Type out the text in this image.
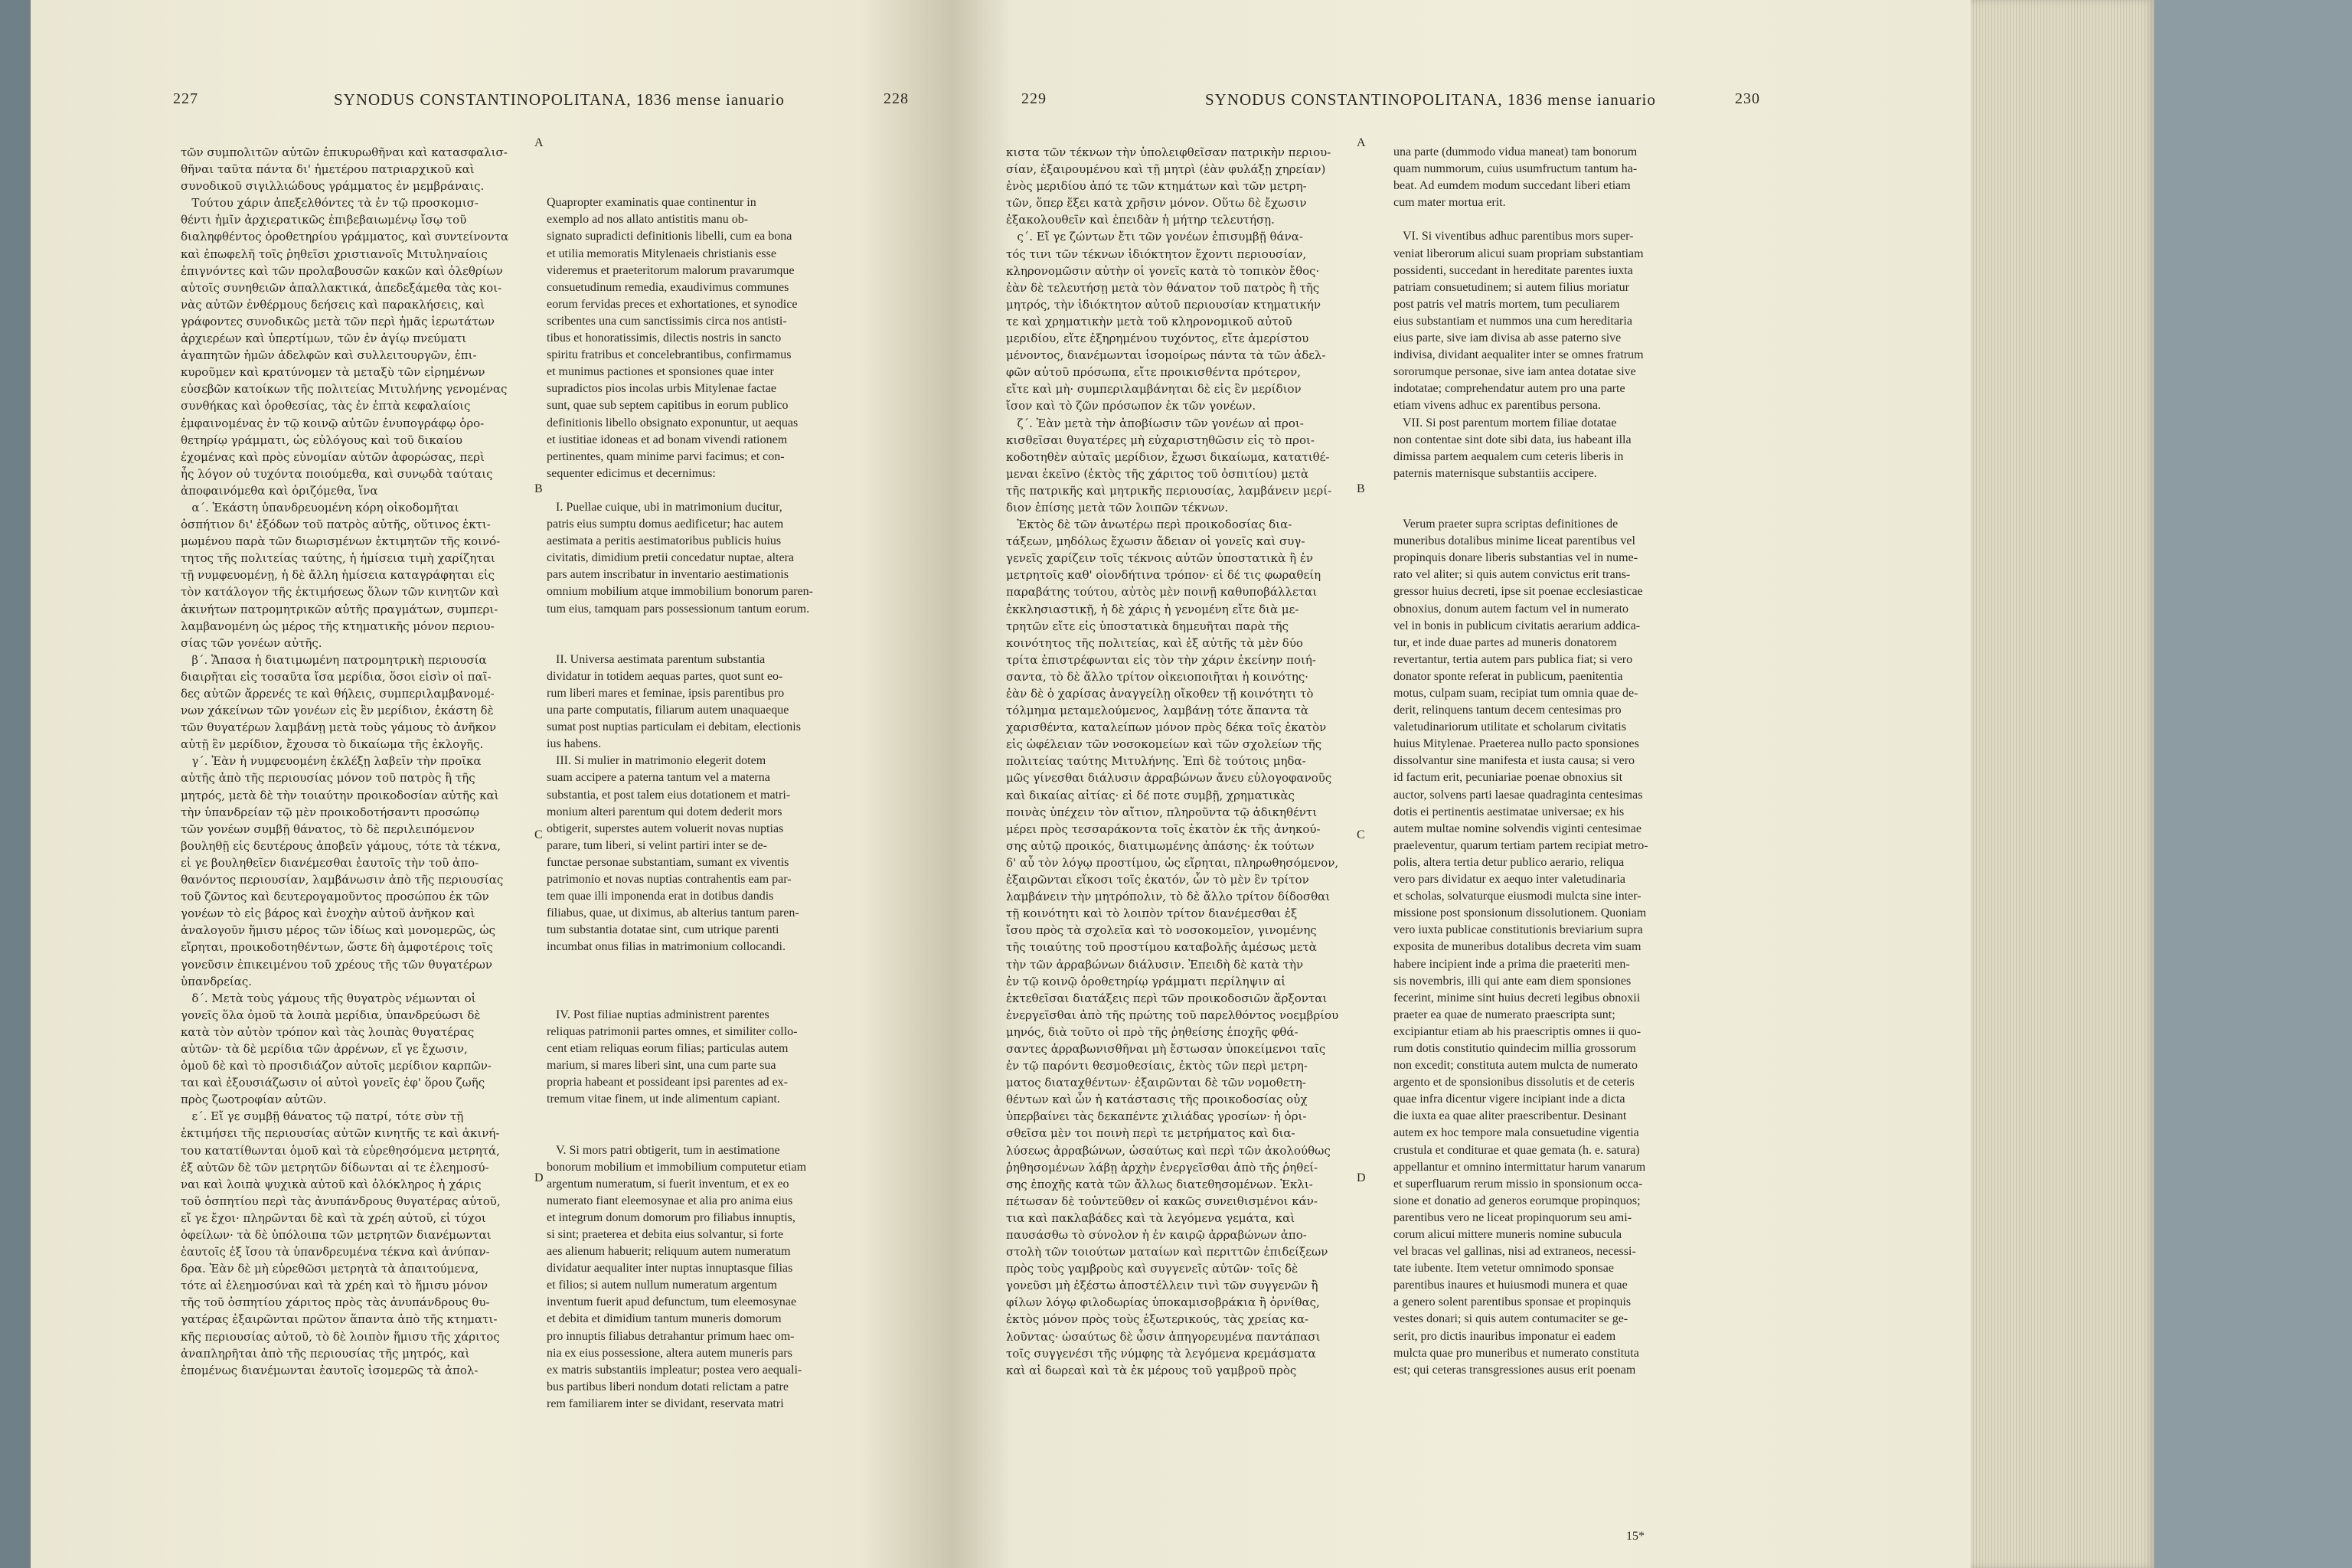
227	SYNODUS CONSTANTINOPOLITANA, 1836 mense ianuario	228
τῶν συμπολιτῶν αὐτῶν ἐπικυρωθῆναι καὶ κατασφαλισ-
θῆναι ταῦτα πάντα δι' ἡμετέρου πατριαρχικοῦ καὶ
συνοδικοῦ σιγιλλιώδους γράμματος ἐν μεμβράναις.
Τούτου χάριν ἀπεξελθόντες τὰ ἐν τῷ προσκομισ-
θέντι ἡμῖν ἀρχιερατικῶς ἐπιβεβαιωμένῳ ἴσῳ τοῦ
διαληφθέντος ὁροθετηρίου γράμματος, καὶ συντείνοντα
καὶ ἐπωφελῆ τοῖς ῥηθεῖσι χριστιανοῖς Μιτυληναίοις
ἐπιγνόντες καὶ τῶν προλαβουσῶν κακῶν καὶ ὀλεθρίων
αὐτοῖς συνηθειῶν ἀπαλλακτικά, ἀπεδεξάμεθα τὰς κοι-
νὰς αὐτῶν ἐνθέρμους δεήσεις καὶ παρακλήσεις, καὶ
γράφοντες συνοδικῶς μετὰ τῶν περὶ ἡμᾶς ἱερωτάτων
ἀρχιερέων καὶ ὑπερτίμων, τῶν ἐν ἁγίῳ πνεύματι
ἀγαπητῶν ἡμῶν ἀδελφῶν καὶ συλλειτουργῶν, ἐπι-
κυροῦμεν καὶ κρατύνομεν τὰ μεταξὺ τῶν εἰρημένων
εὐσεβῶν κατοίκων τῆς πολιτείας Μιτυλήνης γενομένας
συνθήκας καὶ ὁροθεσίας, τὰς ἐν ἑπτὰ κεφαλαίοις
ἐμφαινομένας ἐν τῷ κοινῷ αὐτῶν ἐνυπογράφῳ ὁρο-
θετηρίῳ γράμματι, ὡς εὐλόγους καὶ τοῦ δικαίου
ἐχομένας καὶ πρὸς εὐνομίαν αὐτῶν ἀφορώσας, περὶ
ἧς λόγον οὐ τυχόντα ποιούμεθα, καὶ συνῳδὰ ταύταις
ἀποφαινόμεθα καὶ ὁριζόμεθα, ἵνα
α΄. Ἑκάστη ὑπανδρευομένη κόρη οἰκοδομῆται
ὀσπήτιον δι' ἐξόδων τοῦ πατρὸς αὐτῆς, οὕτινος ἐκτι-
μωμένου παρὰ τῶν διωρισμένων ἐκτιμητῶν τῆς κοινό-
τητος τῆς πολιτείας ταύτης, ἡ ἡμίσεια τιμὴ χαρίζηται
τῇ νυμφευομένῃ, ἡ δὲ ἄλλη ἡμίσεια καταγράφηται εἰς
τὸν κατάλογον τῆς ἐκτιμήσεως ὅλων τῶν κινητῶν καὶ
ἀκινήτων πατρομητρικῶν αὐτῆς πραγμάτων, συμπερι-
λαμβανομένη ὡς μέρος τῆς κτηματικῆς μόνον περιου-
σίας τῶν γονέων αὐτῆς.
β΄. Ἅπασα ἡ διατιμωμένη πατρομητρικὴ περιουσία
διαιρῆται εἰς τοσαῦτα ἴσα μερίδια, ὅσοι εἰσὶν οἱ παῖ-
δες αὐτῶν ἄρρενές τε καὶ θήλεις, συμπεριλαμβανομέ-
νων χάκείνων τῶν γονέων εἰς ἓν μερίδιον, ἑκάστη δὲ
τῶν θυγατέρων λαμβάνῃ μετὰ τοὺς γάμους τὸ ἀνῆκον
αὐτῇ ἓν μερίδιον, ἔχουσα τὸ δικαίωμα τῆς ἐκλογῆς.
γ΄. Ἐὰν ἡ νυμφευομένη ἐκλέξῃ λαβεῖν τὴν προῖκα
αὐτῆς ἀπὸ τῆς περιουσίας μόνον τοῦ πατρὸς ἢ τῆς
μητρός, μετὰ δὲ τὴν τοιαύτην προικοδοσίαν αὐτῆς καὶ
τὴν ὑπανδρείαν τῷ μὲν προικοδοτήσαντι προσώπῳ
τῶν γονέων συμβῇ θάνατος, τὸ δὲ περιλειπόμενον
βουληθῇ εἰς δευτέρους ἀποβεῖν γάμους, τότε τὰ τέκνα,
εἰ γε βουληθεῖεν διανέμεσθαι ἑαυτοῖς τὴν τοῦ ἀπο-
θανόντος περιουσίαν, λαμβάνωσιν ἀπὸ τῆς περιουσίας
τοῦ ζῶντος καὶ δευτερογαμοῦντος προσώπου ἐκ τῶν
γονέων τὸ εἰς βάρος καὶ ἐνοχὴν αὐτοῦ ἀνῆκον καὶ
ἀναλογοῦν ἥμισυ μέρος τῶν ἰδίως καὶ μονομερῶς, ὡς
εἴρηται, προικοδοτηθέντων, ὥστε δὴ ἀμφοτέροις τοῖς
γονεῦσιν ἐπικειμένου τοῦ χρέους τῆς τῶν θυγατέρων
ὑπανδρείας.
δ΄. Μετὰ τοὺς γάμους τῆς θυγατρὸς νέμωνται οἱ
γονεῖς ὅλα ὁμοῦ τὰ λοιπὰ μερίδια, ὑπανδρεύωσι δὲ
κατὰ τὸν αὐτὸν τρόπον καὶ τὰς λοιπὰς θυγατέρας
αὐτῶν· τὰ δὲ μερίδια τῶν ἀρρένων, εἴ γε ἔχωσιν,
ὁμοῦ δὲ καὶ τὸ προσιδιάζον αὐτοῖς μερίδιον καρπῶν-
ται καὶ ἐξουσιάζωσιν οἱ αὐτοὶ γονεῖς ἐφ' ὅρου ζωῆς
πρὸς ζωοτροφίαν αὐτῶν.
ε΄. Εἴ γε συμβῇ θάνατος τῷ πατρί, τότε σὺν τῇ
ἐκτιμήσει τῆς περιουσίας αὐτῶν κινητῆς τε καὶ ἀκινή-
του κατατίθωνται ὁμοῦ καὶ τὰ εὑρεθησόμενα μετρητά,
ἐξ αὐτῶν δὲ τῶν μετρητῶν δίδωνται αἱ τε ἐλεημοσύ-
ναι καὶ λοιπὰ ψυχικὰ αὐτοῦ καὶ ὁλόκληρος ἡ χάρις
τοῦ ὀσπητίου περὶ τὰς ἀνυπάνδρους θυγατέρας αὐτοῦ,
εἴ γε ἔχοι· πληρῶνται δὲ καὶ τὰ χρέη αὐτοῦ, εἰ τύχοι
ὀφείλων· τὰ δὲ ὑπόλοιπα τῶν μετρητῶν διανέμωνται
ἑαυτοῖς ἐξ ἴσου τὰ ὑπανδρευμένα τέκνα καὶ ἀνύπαν-
δρα. Ἐὰν δὲ μὴ εὑρεθῶσι μετρητὰ τὰ ἀπαιτούμενα,
τότε αἱ ἐλεημοσύναι καὶ τὰ χρέη καὶ τὸ ἥμισυ μόνον
τῆς τοῦ ὀσπητίου χάριτος πρὸς τὰς ἀνυπάνδρους θυ-
γατέρας ἐξαιρῶνται πρῶτον ἅπαντα ἀπὸ τῆς κτηματι-
κῆς περιουσίας αὐτοῦ, τὸ δὲ λοιπὸν ἥμισυ τῆς χάριτος
ἀναπληρῆται ἀπὸ τῆς περιουσίας τῆς μητρός, καὶ
ἐπομένως διανέμωνται ἑαυτοῖς ἰσομερῶς τὰ ἀπολ-

Quapropter examinatis quae continentur in
exemplo ad nos allato antistitis manu ob-
signato supradicti definitionis libelli, cum ea bona
et utilia memoratis Mitylenaeis christianis esse
videremus et praeteritorum malorum pravarumque
consuetudinum remedia, exaudivimus communes
eorum fervidas preces et exhortationes, et synodice
scribentes una cum sanctissimis circa nos antisti-
tibus et honoratissimis, dilectis nostris in sancto
spiritu fratribus et concelebrantibus, confirmamus
et munimus pactiones et sponsiones quae inter
supradictos pios incolas urbis Mitylenae factae
sunt, quae sub septem capitibus in eorum publico
definitionis libello obsignato exponuntur, ut aequas
et iustitiae idoneas et ad bonam vivendi rationem
pertinentes, quam minime parvi facimus; et con-
sequenter edicimus et decernimus:

I. Puellae cuique, ubi in matrimonium ducitur,
patris eius sumptu domus aedificetur; hac autem
aestimata a peritis aestimatoribus publicis huius
civitatis, dimidium pretii concedatur nuptae, altera
pars autem inscribatur in inventario aestimationis
omnium mobilium atque immobilium bonorum paren-
tum eius, tamquam pars possessionum tantum eorum.

II. Universa aestimata parentum substantia
dividatur in totidem aequas partes, quot sunt eo-
rum liberi mares et feminae, ipsis parentibus pro
una parte computatis, filiarum autem unaquaeque
sumat post nuptias particulam ei debitam, electionis
ius habens.
III. Si mulier in matrimonio elegerit dotem
suam accipere a paterna tantum vel a materna
substantia, et post talem eius dotationem et matri-
monium alteri parentum qui dotem dederit mors
obtigerit, superstes autem voluerit novas nuptias
parare, tum liberi, si velint partiri inter se de-
functae personae substantiam, sumant ex viventis
patrimonio et novas nuptias contrahentis eam par-
tem quae illi imponenda erat in dotibus dandis
filiabus, quae, ut diximus, ab alterius tantum paren-
tum substantia dotatae sint, cum utrique parenti
incumbat onus filias in matrimonium collocandi.

IV. Post filiae nuptias administrent parentes
reliquas patrimonii partes omnes, et similiter collo-
cent etiam reliquas eorum filias; particulas autem
marium, si mares liberi sint, una cum parte sua
propria habeant et possideant ipsi parentes ad ex-
tremum vitae finem, ut inde alimentum capiant.

V. Si mors patri obtigerit, tum in aestimatione
bonorum mobilium et immobilium computetur etiam
argentum numeratum, si fuerit inventum, et ex eo
numerato fiant eleemosynae et alia pro anima eius
et integrum donum domorum pro filiabus innuptis,
si sint; praeterea et debita eius solvantur, si forte
aes alienum habuerit; reliquum autem numeratum
dividatur aequaliter inter nuptas innuptasque filias
et filios; si autem nullum numeratum argentum
inventum fuerit apud defunctum, tum eleemosynae
et debita et dimidium tantum muneris domorum
pro innuptis filiabus detrahantur primum haec om-
nia ex eius possessione, altera autem muneris pars
ex matris substantiis impleatur; postea vero aequali-
bus partibus liberi nondum dotati relictam a patre
rem familiarem inter se dividant, reservata matri
A
B
C
D
229	SYNODUS CONSTANTINOPOLITANA, 1836 mense ianuario	230
κιστα τῶν τέκνων τὴν ὑπολειφθεῖσαν πατρικὴν περιου-
σίαν, ἐξαιρουμένου καὶ τῇ μητρὶ (ἐὰν φυλάξῃ χηρείαν)
ἑνὸς μεριδίου ἀπό τε τῶν κτημάτων καὶ τῶν μετρη-
τῶν, ὅπερ ἕξει κατὰ χρῆσιν μόνον. Οὕτω δὲ ἔχωσιν
ἐξακολουθεῖν καὶ ἐπειδὰν ἡ μήτηρ τελευτήσῃ.
ς΄. Εἴ γε ζώντων ἔτι τῶν γονέων ἐπισυμβῇ θάνα-
τός τινι τῶν τέκνων ἰδιόκτητον ἔχοντι περιουσίαν,
κληρονομῶσιν αὐτὴν οἱ γονεῖς κατὰ τὸ τοπικὸν ἔθος·
ἐὰν δὲ τελευτήσῃ μετὰ τὸν θάνατον τοῦ πατρὸς ἢ τῆς
μητρός, τὴν ἰδιόκτητον αὐτοῦ περιουσίαν κτηματικήν
τε καὶ χρηματικὴν μετὰ τοῦ κληρονομικοῦ αὐτοῦ
μεριδίου, εἴτε ἐξηρημένου τυχόντος, εἴτε ἀμερίστου
μένοντος, διανέμωνται ἰσομοίρως πάντα τὰ τῶν ἀδελ-
φῶν αὐτοῦ πρόσωπα, εἴτε προικισθέντα πρότερον,
εἴτε καὶ μὴ· συμπεριλαμβάνηται δὲ εἰς ἓν μερίδιον
ἴσον καὶ τὸ ζῶν πρόσωπον ἐκ τῶν γονέων.
ζ΄. Ἐὰν μετὰ τὴν ἀποβίωσιν τῶν γονέων αἱ προι-
κισθεῖσαι θυγατέρες μὴ εὐχαριστηθῶσιν εἰς τὸ προι-
κοδοτηθὲν αὐταῖς μερίδιον, ἔχωσι δικαίωμα, κατατιθέ-
μεναι ἐκεῖνο (ἐκτὸς τῆς χάριτος τοῦ ὀσπιτίου) μετὰ
τῆς πατρικῆς καὶ μητρικῆς περιουσίας, λαμβάνειν μερί-
διον ἐπίσης μετὰ τῶν λοιπῶν τέκνων.
Ἐκτὸς δὲ τῶν ἀνωτέρω περὶ προικοδοσίας δια-
τάξεων, μηδόλως ἔχωσιν ἄδειαν οἱ γονεῖς καὶ συγ-
γενεῖς χαρίζειν τοῖς τέκνοις αὐτῶν ὑποστατικὰ ἢ ἐν
μετρητοῖς καθ' οἱονδήτινα τρόπον· εἰ δέ τις φωραθείη
παραβάτης τούτου, αὐτὸς μὲν ποινῇ καθυποβάλλεται
ἐκκλησιαστικῇ, ἡ δὲ χάρις ἡ γενομένη εἴτε διὰ με-
τρητῶν εἴτε εἰς ὑποστατικὰ δημευῆται παρὰ τῆς
κοινότητος τῆς πολιτείας, καὶ ἐξ αὐτῆς τὰ μὲν δύο
τρίτα ἐπιστρέφωνται εἰς τὸν τὴν χάριν ἐκείνην ποιή-
σαντα, τὸ δὲ ἄλλο τρίτον οἰκειοποιῆται ἡ κοινότης·
ἐὰν δὲ ὁ χαρίσας ἀναγγείλῃ οἴκοθεν τῇ κοινότητι τὸ
τόλμημα μεταμελούμενος, λαμβάνῃ τότε ἅπαντα τὰ
χαρισθέντα, καταλείπων μόνον πρὸς δέκα τοῖς ἑκατὸν
εἰς ὠφέλειαν τῶν νοσοκομείων καὶ τῶν σχολείων τῆς
πολιτείας ταύτης Μιτυλήνης. Ἐπὶ δὲ τούτοις μηδα-
μῶς γίνεσθαι διάλυσιν ἀρραβώνων ἄνευ εὐλογοφανοῦς
καὶ δικαίας αἰτίας· εἰ δέ ποτε συμβῇ, χρηματικὰς
ποινὰς ὑπέχειν τὸν αἴτιον, πληροῦντα τῷ ἀδικηθέντι
μέρει πρὸς τεσσαράκοντα τοῖς ἑκατὸν ἐκ τῆς ἀνηκού-
σης αὐτῷ προικός, διατιμωμένης ἁπάσης· ἐκ τούτων
δ' αὖ τὸν λόγῳ προστίμου, ὡς εἴρηται, πληρωθησόμενον,
ἐξαιρῶνται εἴκοσι τοῖς ἑκατόν, ὧν τὸ μὲν ἓν τρίτον
λαμβάνειν τὴν μητρόπολιν, τὸ δὲ ἄλλο τρίτον δίδοσθαι
τῇ κοινότητι καὶ τὸ λοιπὸν τρίτον διανέμεσθαι ἐξ
ἴσου πρὸς τὰ σχολεῖα καὶ τὸ νοσοκομεῖον, γινομένης
τῆς τοιαύτης τοῦ προστίμου καταβολῆς ἀμέσως μετὰ
τὴν τῶν ἀρραβώνων διάλυσιν. Ἐπειδὴ δὲ κατὰ τὴν
ἐν τῷ κοινῷ ὁροθετηρίῳ γράμματι περίληψιν αἱ
ἐκτεθεῖσαι διατάξεις περὶ τῶν προικοδοσιῶν ἄρξονται
ἐνεργεῖσθαι ἀπὸ τῆς πρώτης τοῦ παρελθόντος νοεμβρίου
μηνός, διὰ τοῦτο οἱ πρὸ τῆς ῥηθείσης ἐποχῆς φθά-
σαντες ἀρραβωνισθῆναι μὴ ἔστωσαν ὑποκείμενοι ταῖς
ἐν τῷ παρόντι θεσμοθεσίαις, ἐκτὸς τῶν περὶ μετρη-
ματος διαταχθέντων· ἐξαιρῶνται δὲ τῶν νομοθετη-
θέντων καὶ ὧν ἡ κατάστασις τῆς προικοδοσίας οὐχ
ὑπερβαίνει τὰς δεκαπέντε χιλιάδας γροσίων· ἡ ὁρι-
σθεῖσα μὲν τοι ποινὴ περὶ τε μετρήματος καὶ δια-
λύσεως ἀρραβώνων, ὡσαύτως καὶ περὶ τῶν ἀκολούθως
ῥηθησομένων λάβῃ ἀρχὴν ἐνεργεῖσθαι ἀπὸ τῆς ῥηθεί-
σης ἐποχῆς κατὰ τῶν ἄλλως διατεθησομένων. Ἐκλι-
πέτωσαν δὲ τοὐντεῦθεν οἱ κακῶς συνειθισμένοι κάν-
τια καὶ πακλαβάδες καὶ τὰ λεγόμενα γεμάτα, καὶ
παυσάσθω τὸ σύνολον ἡ ἐν καιρῷ ἀρραβώνων ἀπο-
στολὴ τῶν τοιούτων ματαίων καὶ περιττῶν ἐπιδείξεων
πρὸς τοὺς γαμβροὺς καὶ συγγενεῖς αὐτῶν· τοῖς δὲ
γονεῦσι μὴ ἐξέστω ἀποστέλλειν τινὶ τῶν συγγενῶν ἢ
φίλων λόγῳ φιλοδωρίας ὑποκαμισοβράκια ἢ ὀρνίθας,
ἐκτὸς μόνον πρὸς τοὺς ἐξωτερικούς, τὰς χρείας κα-
λοῦντας· ὡσαύτως δὲ ὦσιν ἀπηγορευμένα παντάπασι
τοῖς συγγενέσι τῆς νύμφης τὰ λεγόμενα κρεμάσματα
καὶ αἱ δωρεαὶ καὶ τὰ ἐκ μέρους τοῦ γαμβροῦ πρὸς
una parte (dummodo vidua maneat) tam bonorum
quam nummorum, cuius usumfructum tantum ha-
beat. Ad eumdem modum succedant liberi etiam
cum mater mortua erit.

VI. Si viventibus adhuc parentibus mors super-
veniat liberorum alicui suam propriam substantiam
possidenti, succedant in hereditate parentes iuxta
patriam consuetudinem; si autem filius moriatur
post patris vel matris mortem, tum peculiarem
eius substantiam et nummos una cum hereditaria
eius parte, sive iam divisa ab asse paterno sive
indivisa, dividant aequaliter inter se omnes fratrum
sororumque personae, sive iam antea dotatae sive
indotatae; comprehendatur autem pro una parte
etiam vivens adhuc ex parentibus persona.
VII. Si post parentum mortem filiae dotatae
non contentae sint dote sibi data, ius habeant illa
dimissa partem aequalem cum ceteris liberis in
paternis maternisque substantiis accipere.

Verum praeter supra scriptas definitiones de
muneribus dotalibus minime liceat parentibus vel
propinquis donare liberis substantias vel in nume-
rato vel aliter; si quis autem convictus erit trans-
gressor huius decreti, ipse sit poenae ecclesiasticae
obnoxius, donum autem factum vel in numerato
vel in bonis in publicum civitatis aerarium addica-
tur, et inde duae partes ad muneris donatorem
revertantur, tertia autem pars publica fiat; si vero
donator sponte referat in publicum, paenitentia
motus, culpam suam, recipiat tum omnia quae de-
derit, relinquens tantum decem centesimas pro
valetudinariorum utilitate et scholarum civitatis
huius Mitylenae. Praeterea nullo pacto sponsiones
dissolvantur sine manifesta et iusta causa; si vero
id factum erit, pecuniariae poenae obnoxius sit
auctor, solvens parti laesae quadraginta centesimas
dotis ei pertinentis aestimatae universae; ex his
autem multae nomine solvendis viginti centesimae
praeleventur, quarum tertiam partem recipiat metro-
polis, altera tertia detur publico aerario, reliqua
vero pars dividatur ex aequo inter valetudinaria
et scholas, solvaturque eiusmodi mulcta sine inter-
missione post sponsionum dissolutionem. Quoniam
vero iuxta publicae constitutionis breviarium supra
exposita de muneribus dotalibus decreta vim suam
habere incipient inde a prima die praeteriti men-
sis novembris, illi qui ante eam diem sponsiones
fecerint, minime sint huius decreti legibus obnoxii
praeter ea quae de numerato praescripta sunt;
excipiantur etiam ab his praescriptis omnes ii quo-
rum dotis constitutio quindecim millia grossorum
non excedit; constituta autem mulcta de numerato
argento et de sponsionibus dissolutis et de ceteris
quae infra dicentur vigere incipiant inde a dicta
die iuxta ea quae aliter praescribentur. Desinant
autem ex hoc tempore mala consuetudine vigentia
crustula et conditurae et quae gemata (h. e. satura)
appellantur et omnino intermittatur harum vanarum
et superfluarum rerum missio in sponsionum occa-
sione et donatio ad generos eorumque propinquos;
parentibus vero ne liceat propinquorum seu ami-
corum alicui mittere muneris nomine subucula
vel bracas vel gallinas, nisi ad extraneos, necessi-
tate iubente. Item vetetur omnimodo sponsae
parentibus inaures et huiusmodi munera et quae
a genero solent parentibus sponsae et propinquis
vestes donari; si quis autem contumaciter se ge-
serit, pro dictis inauribus imponatur ei eadem
mulcta quae pro muneribus et numerato constituta
est; qui ceteras transgressiones ausus erit poenam
A
B
C
D
15*
